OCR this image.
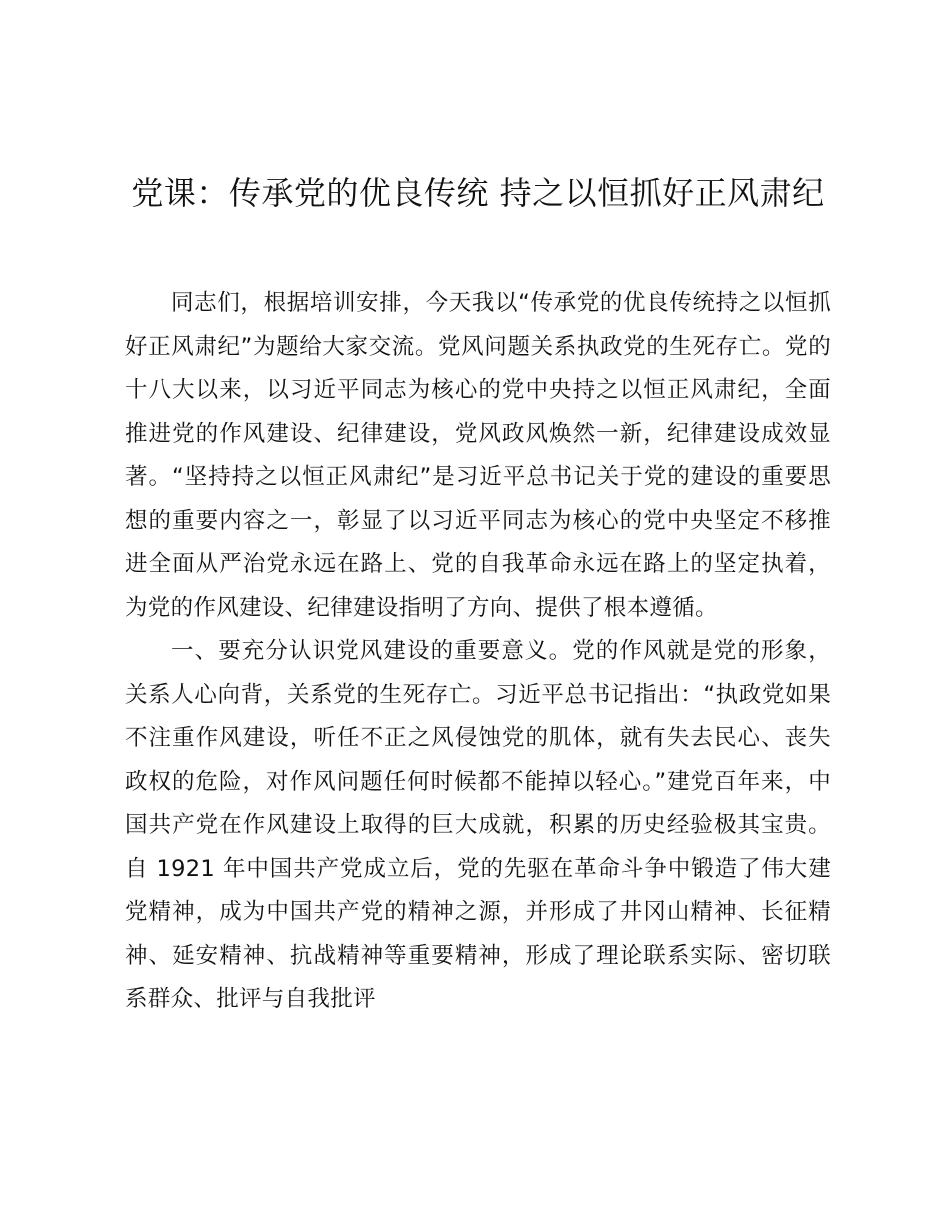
党课：传承党的优良传统 持之以恒抓好正风肃纪

同志们，根据培训安排，今天我以“传承党的优良传统持之以恒抓好正风肃纪”为题给大家交流。党风问题关系执政党的生死存亡。党的十八大以来，以习近平同志为核心的党中央持之以恒正风肃纪，全面推进党的作风建设、纪律建设，党风政风焕然一新，纪律建设成效显著。“坚持持之以恒正风肃纪”是习近平总书记关于党的建设的重要思想的重要内容之一，彰显了以习近平同志为核心的党中央坚定不移推进全面从严治党永远在路上、党的自我革命永远在路上的坚定执着，为党的作风建设、纪律建设指明了方向、提供了根本遵循。

一、要充分认识党风建设的重要意义。党的作风就是党的形象，关系人心向背，关系党的生死存亡。习近平总书记指出：“执政党如果不注重作风建设，听任不正之风侵蚀党的肌体，就有失去民心、丧失政权的危险，对作风问题任何时候都不能掉以轻心。”建党百年来，中国共产党在作风建设上取得的巨大成就，积累的历史经验极其宝贵。自 1921 年中国共产党成立后，党的先驱在革命斗争中锻造了伟大建党精神，成为中国共产党的精神之源，并形成了井冈山精神、长征精神、延安精神、抗战精神等重要精神，形成了理论联系实际、密切联系群众、批评与自我批评
